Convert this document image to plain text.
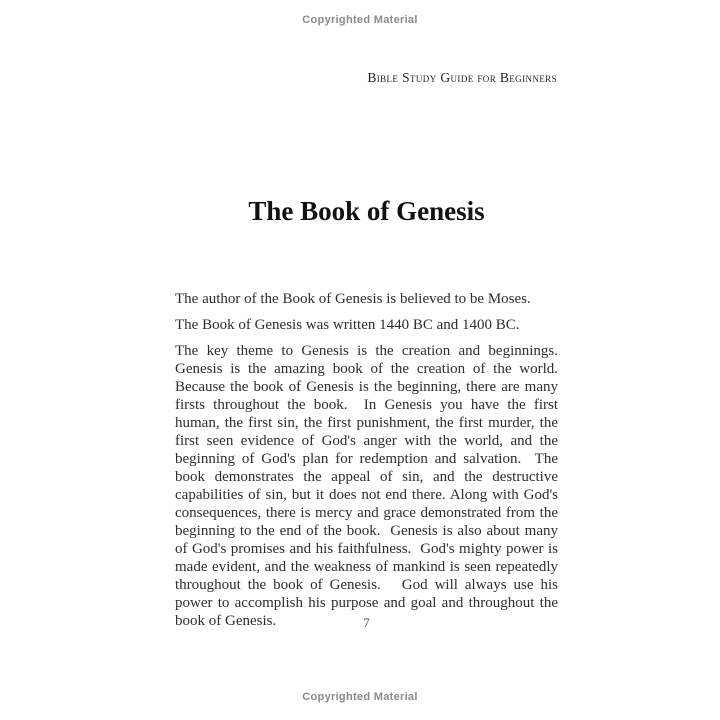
Copyrighted Material
Bible Study Guide for Beginners
The Book of Genesis

The author of the Book of Genesis is believed to be Moses.

The Book of Genesis was written 1440 BC and 1400 BC.

The key theme to Genesis is the creation and beginnings.  Genesis is the amazing book of the creation of the world.  Because the book of Genesis is the beginning, there are many firsts throughout the book.  In Genesis you have the first human, the first sin, the first punishment, the first murder, the first seen evidence of God's anger with the world, and the beginning of God's plan for redemption and salvation.  The book demonstrates the appeal of sin, and the destructive capabilities of sin, but it does not end there. Along with God's consequences, there is mercy and grace demonstrated from the beginning to the end of the book.  Genesis is also about many of God's promises and his faithfulness.  God's mighty power is made evident, and the weakness of mankind is seen repeatedly throughout the book of Genesis.   God will always use his power to accomplish his purpose and goal and throughout the book of Genesis.	7
Copyrighted Material
